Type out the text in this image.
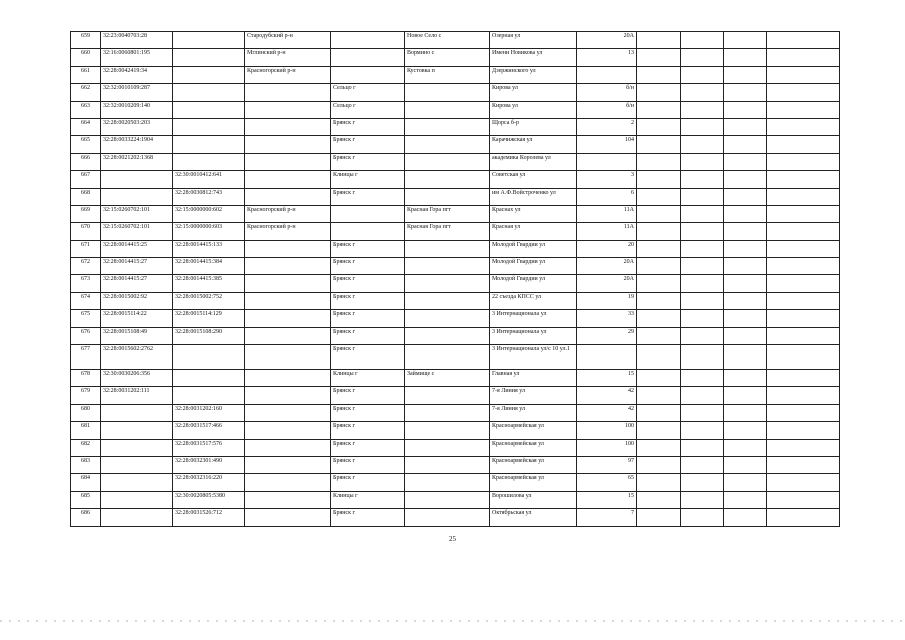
659	32:23:0040703:28		Стародубский р-н		Новое Село с	Озерная ул	20А				
660	32:16:0060801:195		Мглинский р-н		Вормино с	Имени Новикова ул	13				
661	32:28:0042419:34		Красногорский р-н		Кустовка п	Дзержинского ул					
662	32:32:0010109:287			Сельцо г		Кирова ул	б/н				
663	32:32:0010209:140			Сельцо г		Кирова ул	б/н				
664	32:28:0020503:203			Брянск г		Щорса б-р	2				
665	32:28:0033224:1904			Брянск г		Карачижская ул	104				
666	32:28:0021202:1368			Брянск г		академика Королева ул					
667		32:30:0010412:641		Клинцы г		Советская ул	3				
668		32:28:0030812:743		Брянск г		им А.Ф.Войстроченко ул	6				
669	32:15:0260702:101	32:15:0000000:602	Красногорский р-н		Красная Гора пгт	Краснах ул	11А				
670	32:15:0260702:101	32:15:0000000:603	Красногорский р-н		Красная Гора пгт	Красная ул	11А				
671	32:28:0014415:25	32:28:0014415:133		Брянск г		Молодой Гвардии ул	20				
672	32:28:0014415:27	32:28:0014415:384		Брянск г		Молодой Гвардии ул	20А				
673	32:28:0014415:27	32:28:0014415:385		Брянск г		Молодой Гвардии ул	20А				
674	32:28:0015002:92	32:28:0015002:752		Брянск г		22 съезда КПСС ул	19				
675	32:28:0015114:22	32:28:0015114:129		Брянск г		3 Интернационала ул	33				
676	32:28:0015108:49	32:28:0015108:290		Брянск г		3 Интернационала ул	29				
677	32:28:0015602:2762			Брянск г		3 Интернационала ул/с 10 ул.1					
678	32:30:0030206:356			Клинцы г	Займище с	Главная ул	15				
679	32:28:0031202:111			Брянск г		7-я Линия ул	42				
680		32:28:0031202:160		Брянск г		7-я Линия ул	42				
681		32:28:0031517:466		Брянск г		Красноармейская ул	100				
682		32:28:0031517:576		Брянск г		Красноармейская ул	100				
683		32:28:0032301:490		Брянск г		Красноармейская ул	97				
684		32:28:0032316:220		Брянск г		Красноармейская ул	65				
685		32:30:0020805:5380		Клинцы г		Ворошилова ул	15				
686		32:28:0031526:712		Брянск г		Октябрьская ул	7				
25
